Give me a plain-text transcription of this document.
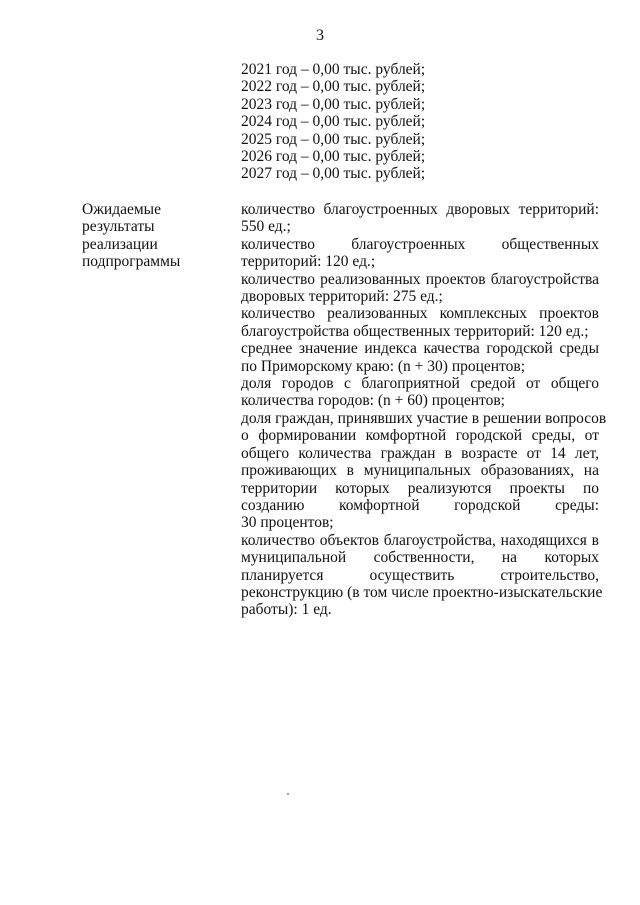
3
2021 год – 0,00 тыс. рублей;
2022 год – 0,00 тыс. рублей;
2023 год – 0,00 тыс. рублей;
2024 год – 0,00 тыс. рублей;
2025 год – 0,00 тыс. рублей;
2026 год – 0,00 тыс. рублей;
2027 год – 0,00 тыс. рублей;
Ожидаемые
результаты
реализации
подпрограммы
количество благоустроенных дворовых территорий:
550 ед.;
количество благоустроенных общественных
территорий: 120 ед.;
количество реализованных проектов благоустройства
дворовых территорий: 275 ед.;
количество реализованных комплексных проектов
благоустройства общественных территорий: 120 ед.;
среднее значение индекса качества городской среды
по Приморскому краю: (n + 30) процентов;
доля городов с благоприятной средой от общего
количества городов: (n + 60) процентов;
доля граждан, принявших участие в решении вопросов
о формировании комфортной городской среды, от
общего количества граждан в возрасте от 14 лет,
проживающих в муниципальных образованиях, на
территории которых реализуются проекты по
созданию комфортной городской среды:
30 процентов;
количество объектов благоустройства, находящихся в
муниципальной собственности, на которых
планируется осуществить строительство,
реконструкцию (в том числе проектно-изыскательские
работы): 1 ед.
